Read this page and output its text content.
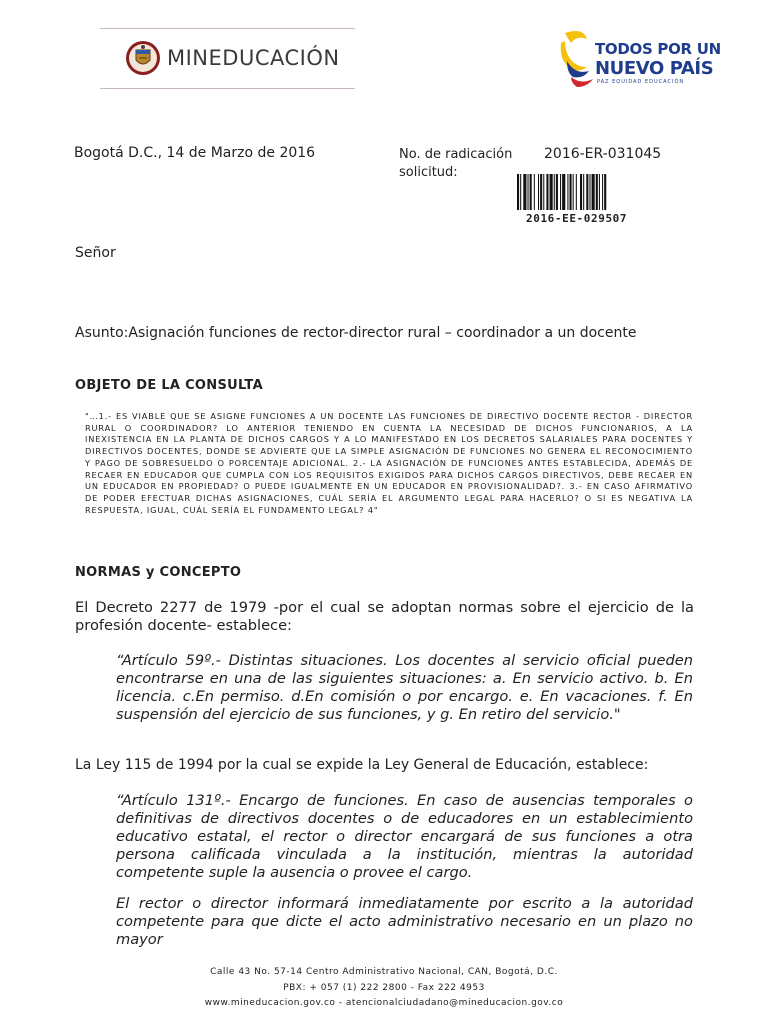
MINEDUCACIÓN	TODOS POR UN
NUEVO PAÍS
PAZ EQUIDAD EDUCACIÓN
Bogotá D.C., 14 de Marzo de 2016	No. de radicación 2016-ER-031045
solicitud:
2016-EE-029507
Señor
Asunto:Asignación funciones de rector-director rural – coordinador a un docente
OBJETO DE LA CONSULTA
"…1.- ES VIABLE QUE SE ASIGNE FUNCIONES A UN DOCENTE LAS FUNCIONES DE DIRECTIVO DOCENTE RECTOR - DIRECTOR RURAL O COORDINADOR? LO ANTERIOR TENIENDO EN CUENTA LA NECESIDAD DE DICHOS FUNCIONARIOS, A LA INEXISTENCIA EN LA PLANTA DE DICHOS CARGOS Y A LO MANIFESTADO EN LOS DECRETOS SALARIALES PARA DOCENTES Y DIRECTIVOS DOCENTES, DONDE SE ADVIERTE QUE LA SIMPLE ASIGNACIÓN DE FUNCIONES NO GENERA EL RECONOCIMIENTO Y PAGO DE SOBRESUELDO O PORCENTAJE ADICIONAL. 2.- LA ASIGNACIÓN DE FUNCIONES ANTES ESTABLECIDA, ADEMÁS DE RECAER EN EDUCADOR QUE CUMPLA CON LOS REQUISITOS EXIGIDOS PARA DICHOS CARGOS DIRECTIVOS, DEBE RECAER EN UN EDUCADOR EN PROPIEDAD? O PUEDE IGUALMENTE EN UN EDUCADOR EN PROVISIONALIDAD?. 3.- EN CASO AFIRMATIVO DE PODER EFECTUAR DICHAS ASIGNACIONES, CUÁL SERÍA EL ARGUMENTO LEGAL PARA HACERLO? O SI ES NEGATIVA LA RESPUESTA, IGUAL, CUÁL SERÍA EL FUNDAMENTO LEGAL? 4"
NORMAS y CONCEPTO
El Decreto 2277 de 1979 -por el cual se adoptan normas sobre el ejercicio de la profesión docente- establece:
“Artículo 59º.- Distintas situaciones. Los docentes al servicio oficial pueden encontrarse en una de las siguientes situaciones: a. En servicio activo. b. En licencia. c.En permiso. d.En comisión o por encargo. e. En vacaciones. f. En suspensión del ejercicio de sus funciones, y g. En retiro del servicio."
La Ley 115 de 1994 por la cual se expide la Ley General de Educación, establece:
“Artículo 131º.- Encargo de funciones. En caso de ausencias temporales o definitivas de directivos docentes o de educadores en un establecimiento educativo estatal, el rector o director encargará de sus funciones a otra persona calificada vinculada a la institución, mientras la autoridad competente suple la ausencia o provee el cargo.
El rector o director informará inmediatamente por escrito a la autoridad competente para que dicte el acto administrativo necesario en un plazo no mayor
Calle 43 No. 57-14 Centro Administrativo Nacional, CAN, Bogotá, D.C.
PBX: + 057 (1) 222 2800 - Fax 222 4953
www.mineducacion.gov.co - atencionalciudadano@mineducacion.gov.co
